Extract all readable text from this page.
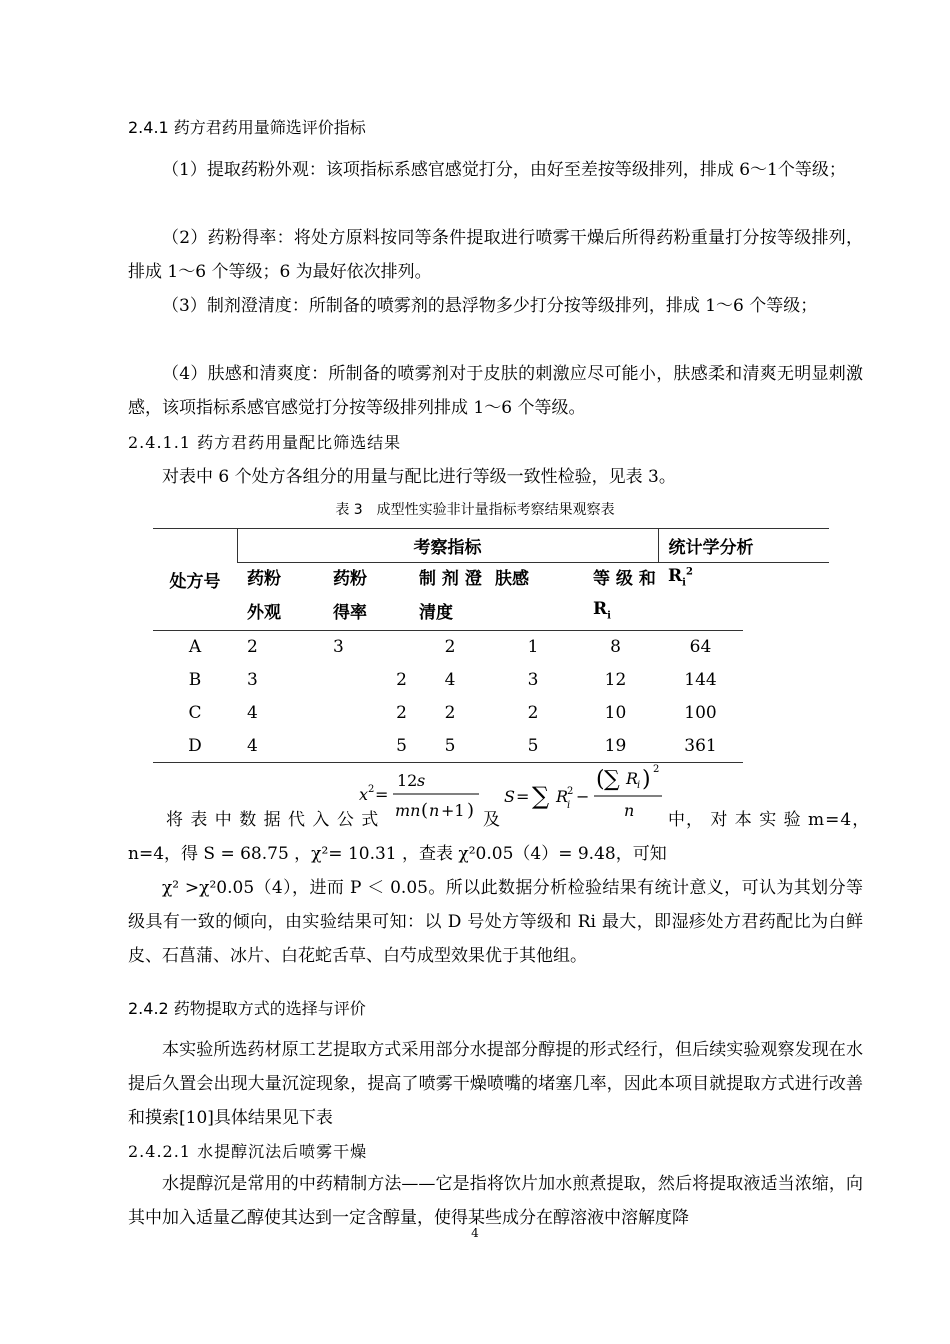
2.4.1 药方君药用量筛选评价指标
（1）提取药粉外观：该项指标系感官感觉打分，由好至差按等级排列，排成 6～1个等级；
（2）药粉得率：将处方原料按同等条件提取进行喷雾干燥后所得药粉重量打分按等级排列，排成 1～6 个等级；6 为最好依次排列。
（3）制剂澄清度：所制备的喷雾剂的悬浮物多少打分按等级排列，排成 1～6 个等级；
（4）肤感和清爽度：所制备的喷雾剂对于皮肤的刺激应尽可能小，肤感柔和清爽无明显刺激感，该项指标系感官感觉打分按等级排列排成 1～6 个等级。
2.4.1.1 药方君药用量配比筛选结果
对表中 6 个处方各组分的用量与配比进行等级一致性检验，见表 3。
表 3　成型性实验非计量指标考察结果观察表
	考察指标					统计学分析	
处方号	药粉	药粉	制 剂 澄	肤感	等 级 和	$R_i^2$	
	外观	得率	清度		$R_i$		
A	2	3	2	1	8	64	
B	3	2	4	3	12	144	
C	4	2	2	2	10	100	
D	4	5	5	5	19	361	
将 表 中 数 据 代 入 公 式
x 2 =
12 s
mn ( n +1 ) 及
S = ∑ R
2
i −
( ∑ R
i ) 2
n 中， 对 本 实 验 m=4，
n=4，得 S = 68.75 ，χ²= 10.31 ，查表 χ²0.05（4）= 9.48，可知
χ² >χ²0.05（4），进而 P ＜ 0.05。所以此数据分析检验结果有统计意义，可认为其划分等级具有一致的倾向，由实验结果可知：以 D 号处方等级和 Ri 最大，即湿疹处方君药配比为白鲜皮、石菖蒲、冰片、白花蛇舌草、白芍成型效果优于其他组。
2.4.2 药物提取方式的选择与评价
本实验所选药材原工艺提取方式采用部分水提部分醇提的形式经行，但后续实验观察发现在水提后久置会出现大量沉淀现象，提高了喷雾干燥喷嘴的堵塞几率，因此本项目就提取方式进行改善和摸索[10]具体结果见下表
2.4.2.1 水提醇沉法后喷雾干燥
水提醇沉是常用的中药精制方法——它是指将饮片加水煎煮提取，然后将提取液适当浓缩，向其中加入适量乙醇使其达到一定含醇量，使得某些成分在醇溶液中溶解度降
4
